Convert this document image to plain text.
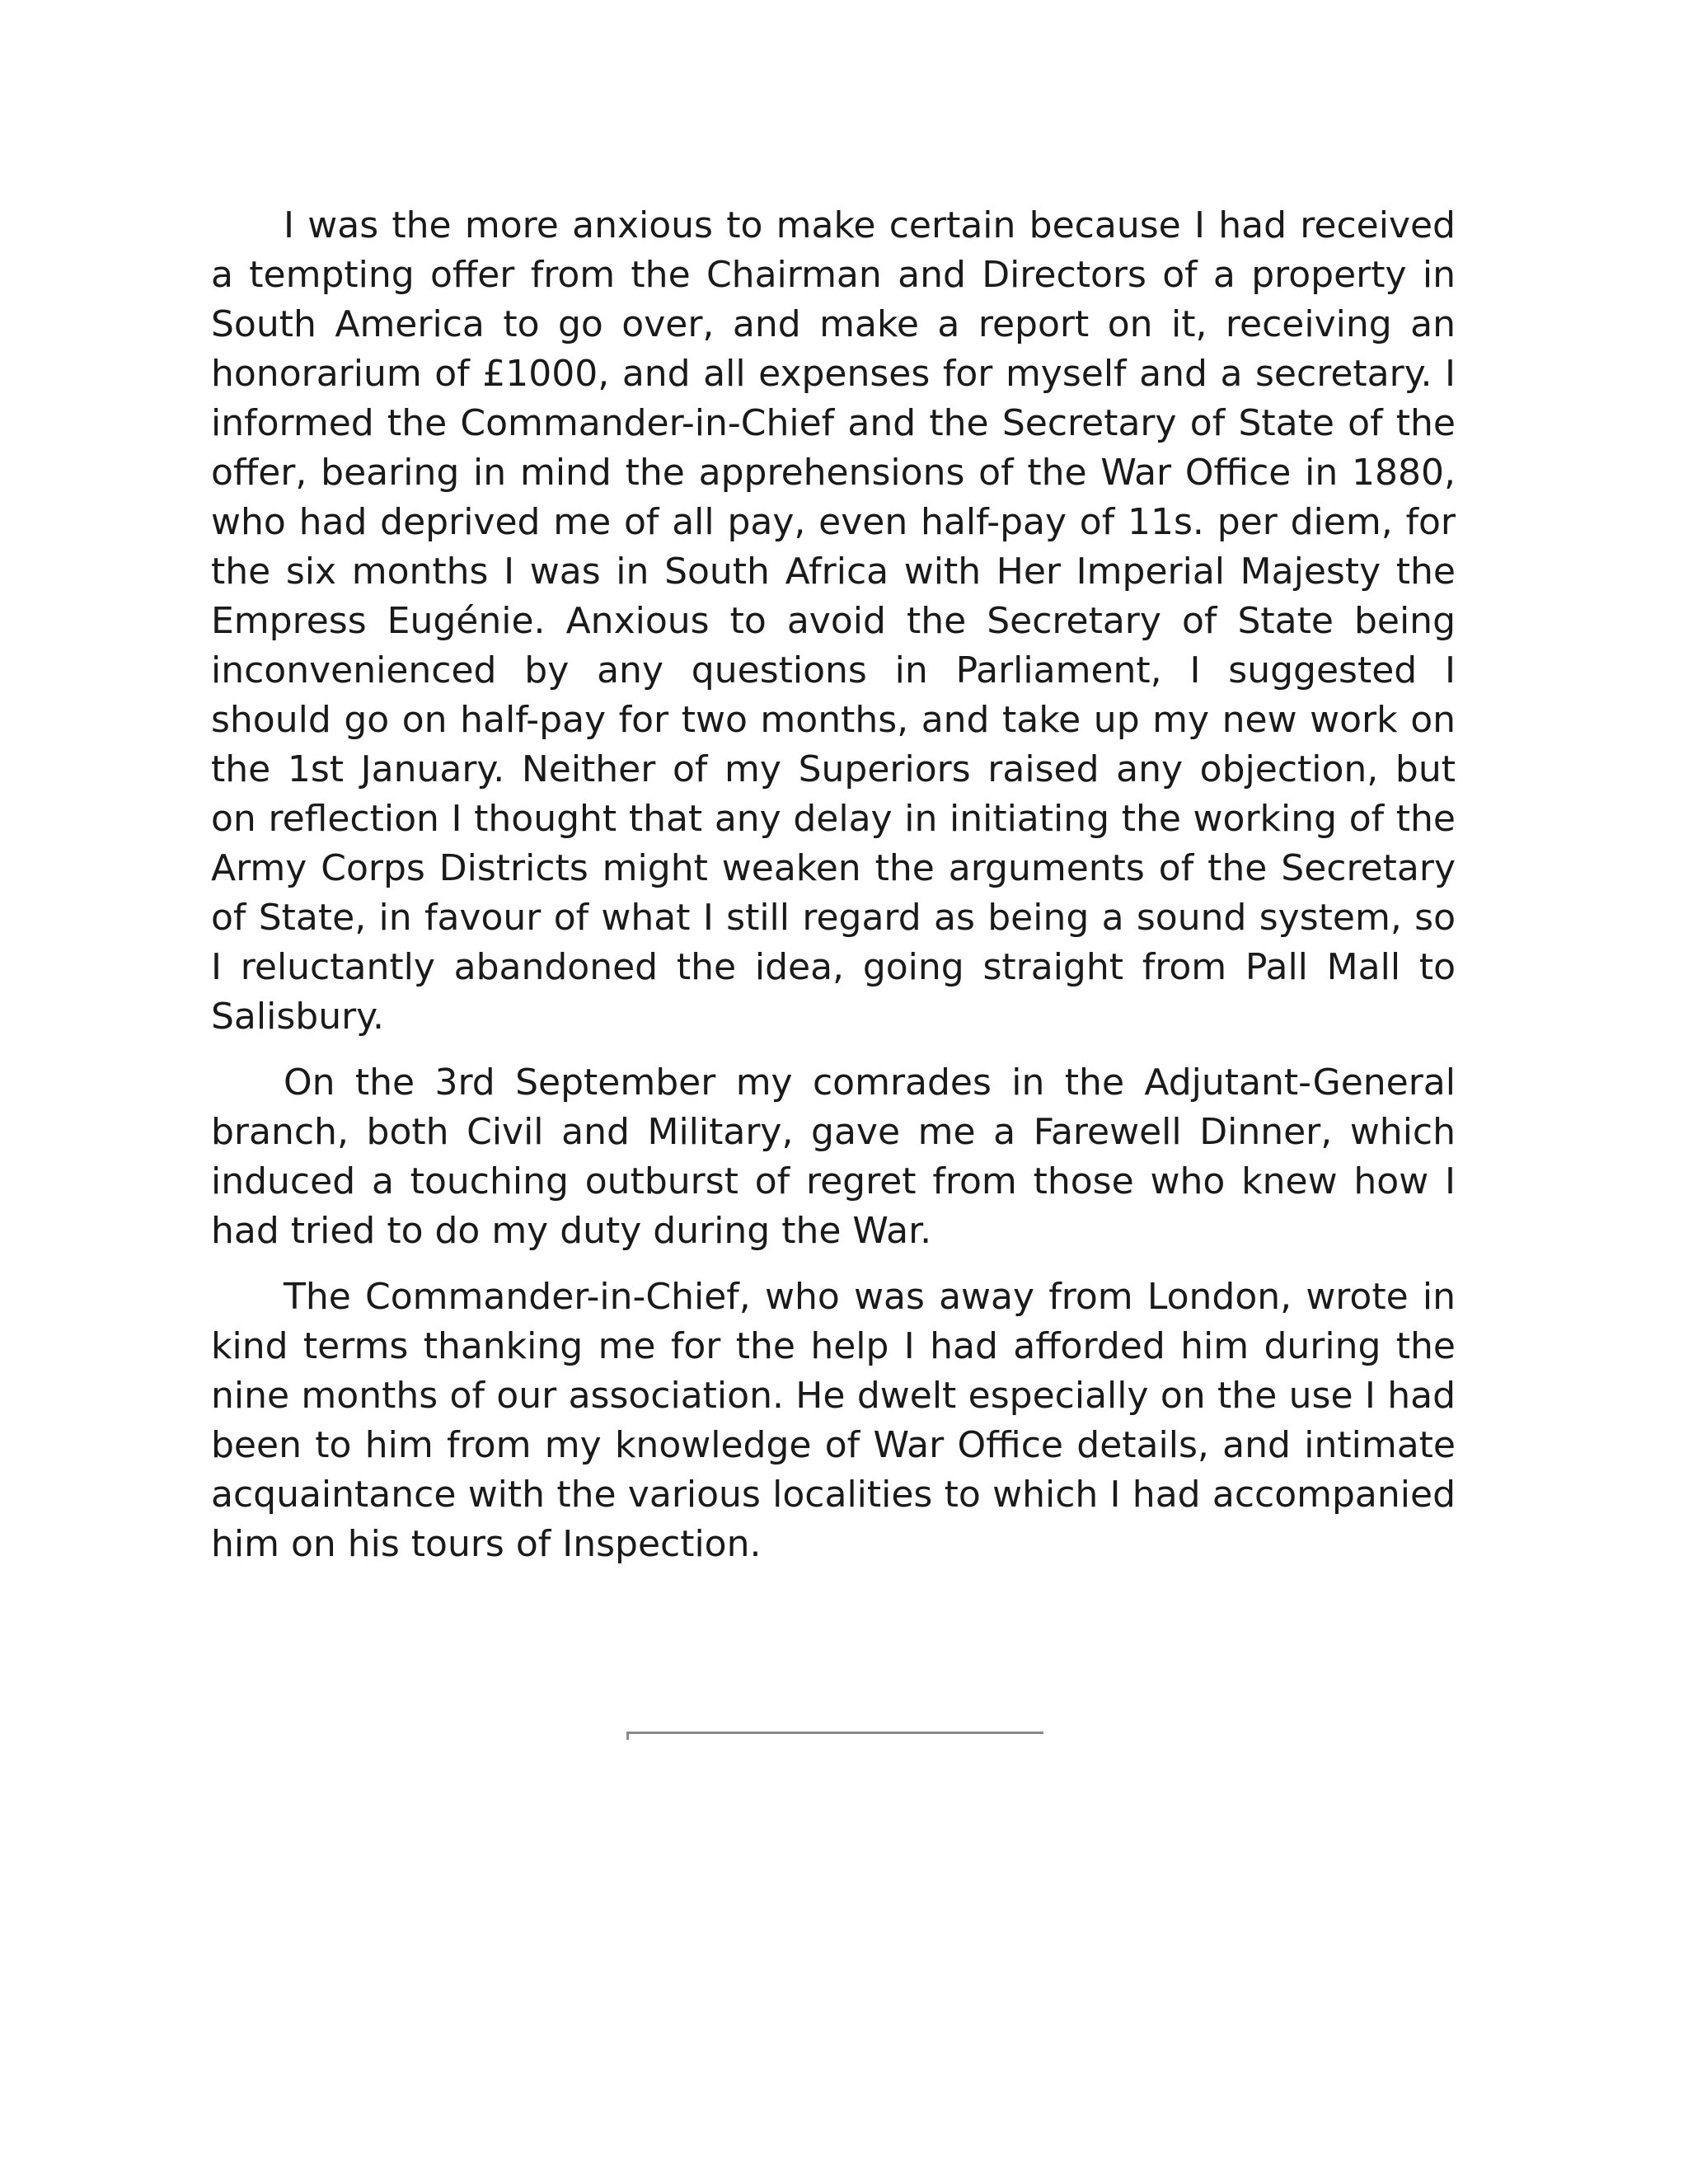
I was the more anxious to make certain because I had received a tempting offer from the Chairman and Directors of a property in South America to go over, and make a report on it, receiving an honorarium of £1000, and all expenses for myself and a secretary. I informed the Commander-in-Chief and the Secretary of State of the offer, bearing in mind the apprehensions of the War Office in 1880, who had deprived me of all pay, even half-pay of 11s. per diem, for the six months I was in South Africa with Her Imperial Majesty the Empress Eugénie. Anxious to avoid the Secretary of State being inconvenienced by any questions in Parliament, I suggested I should go on half-pay for two months, and take up my new work on the 1st January. Neither of my Superiors raised any objection, but on reflection I thought that any delay in initiating the working of the Army Corps Districts might weaken the arguments of the Secretary of State, in favour of what I still regard as being a sound system, so I reluctantly abandoned the idea, going straight from Pall Mall to Salisbury.

On the 3rd September my comrades in the Adjutant-General branch, both Civil and Military, gave me a Farewell Dinner, which induced a touching outburst of regret from those who knew how I had tried to do my duty during the War.

The Commander-in-Chief, who was away from London, wrote in kind terms thanking me for the help I had afforded him during the nine months of our association. He dwelt especially on the use I had been to him from my knowledge of War Office details, and intimate acquaintance with the various localities to which I had accompanied him on his tours of Inspection.
